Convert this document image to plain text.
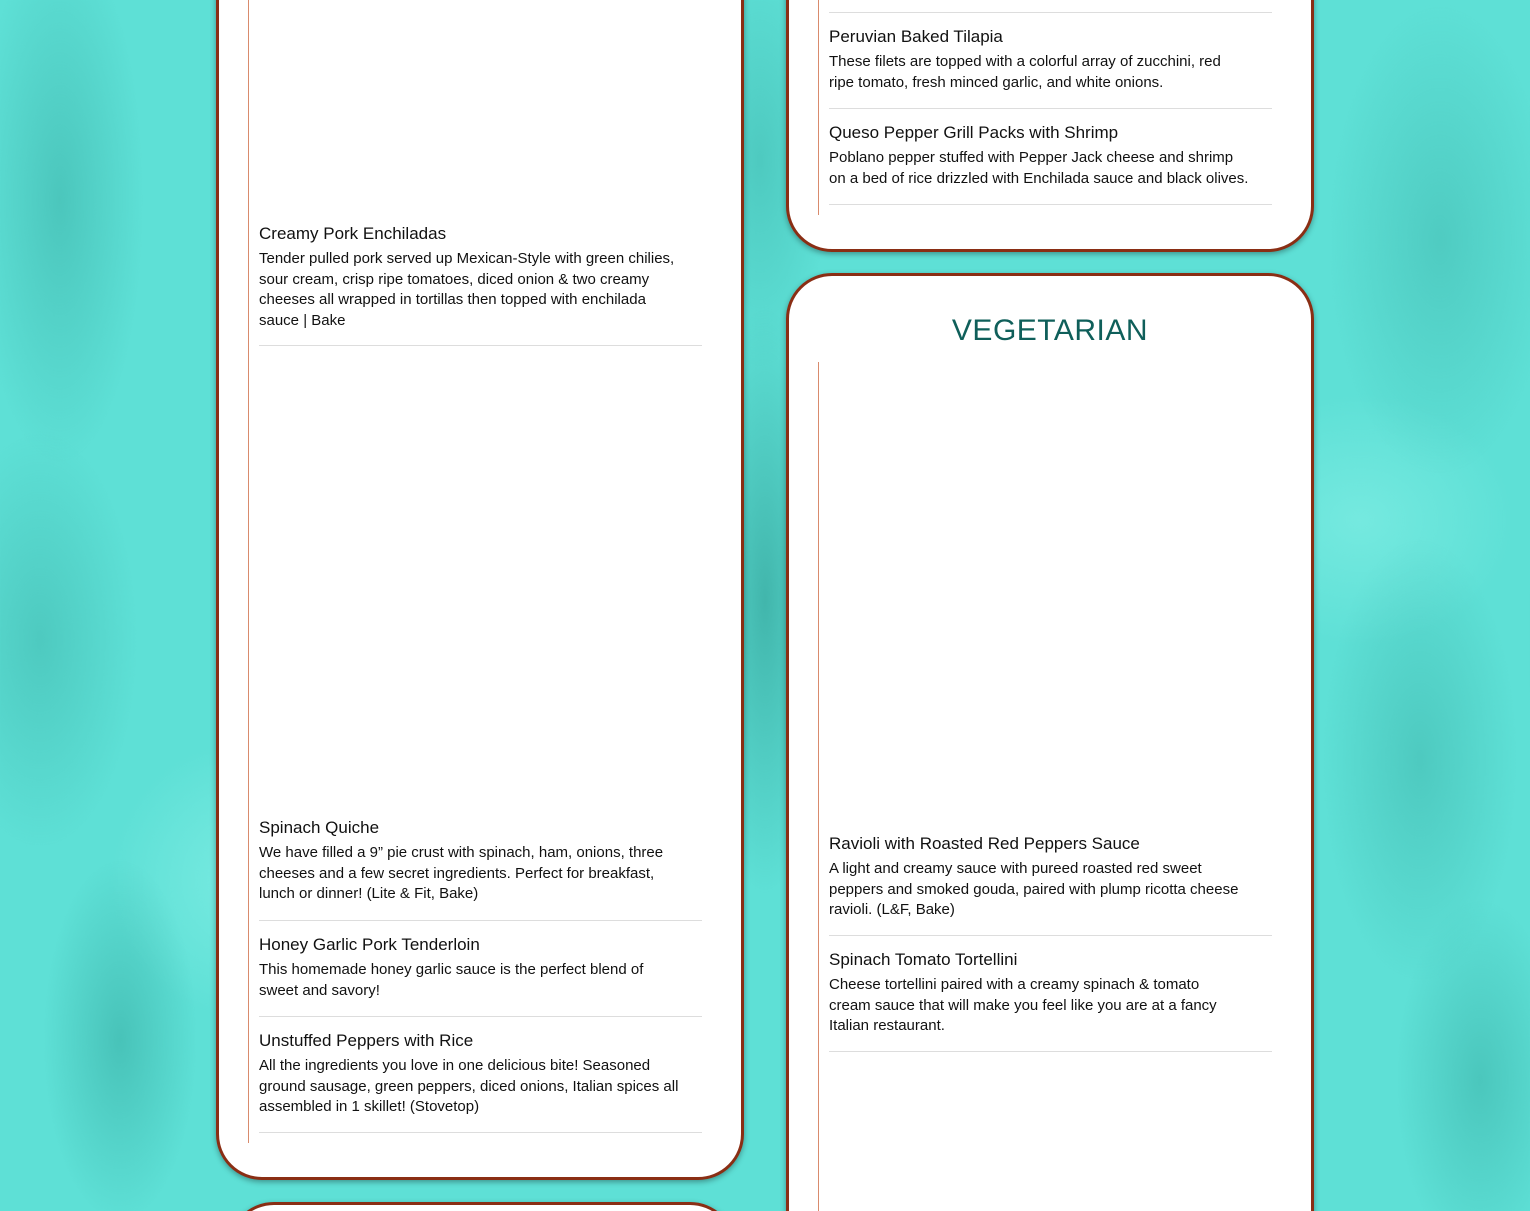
Creamy Pork Enchiladas
Tender pulled pork served up Mexican-Style with green chilies, sour cream, crisp ripe tomatoes, diced onion & two creamy cheeses all wrapped in tortillas then topped with enchilada sauce | Bake
Spinach Quiche
We have filled a 9” pie crust with spinach, ham, onions, three cheeses and a few secret ingredients. Perfect for breakfast, lunch or dinner! (Lite & Fit, Bake)
Honey Garlic Pork Tenderloin
This homemade honey garlic sauce is the perfect blend of sweet and savory!
Unstuffed Peppers with Rice
All the ingredients you love in one delicious bite! Seasoned ground sausage, green peppers, diced onions, Italian spices all assembled in 1 skillet! (Stovetop)
Peruvian Baked Tilapia
These filets are topped with a colorful array of zucchini, red ripe tomato, fresh minced garlic, and white onions.
Queso Pepper Grill Packs with Shrimp
Poblano pepper stuffed with Pepper Jack cheese and shrimp on a bed of rice drizzled with Enchilada sauce and black olives.
VEGETARIAN
Ravioli with Roasted Red Peppers Sauce
A light and creamy sauce with pureed roasted red sweet peppers and smoked gouda, paired with plump ricotta cheese ravioli. (L&F, Bake)
Spinach Tomato Tortellini
Cheese tortellini paired with a creamy spinach & tomato cream sauce that will make you feel like you are at a fancy Italian restaurant.
